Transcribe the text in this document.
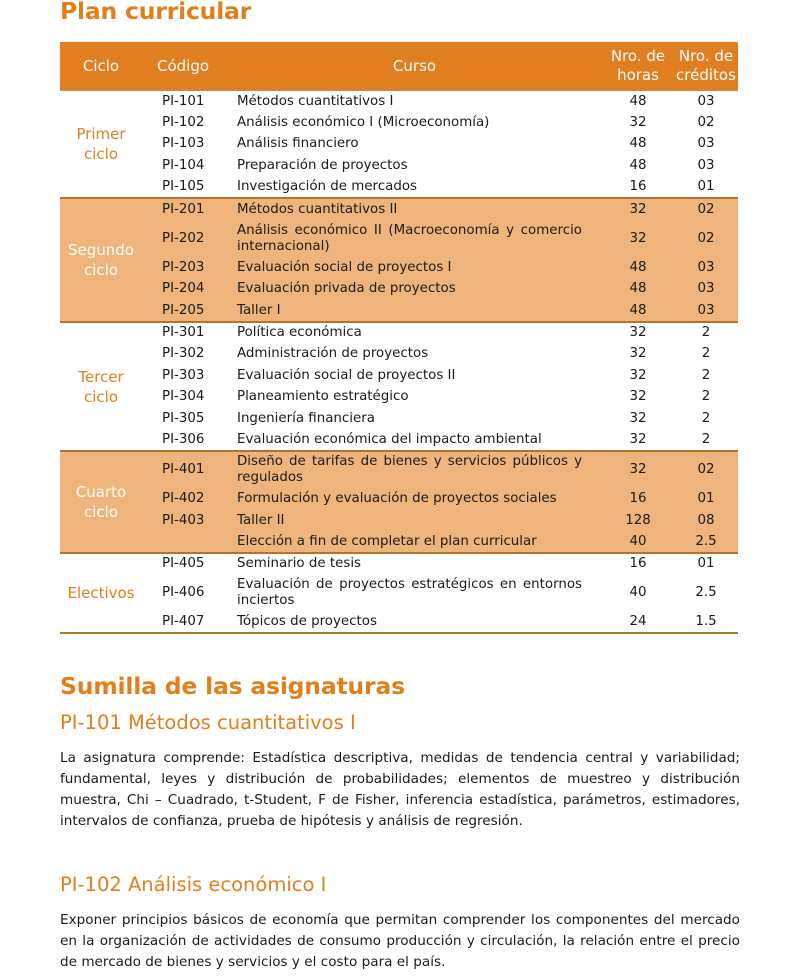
Plan curricular
Ciclo	Código	Curso	Nro. de horas	Nro. de créditos
Primer ciclo	PI-101	Métodos cuantitativos I	48	03
	PI-102	Análisis económico I (Microeconomía)	32	02
	PI-103	Análisis financiero	48	03
	PI-104	Preparación de proyectos	48	03
	PI-105	Investigación de mercados	16	01
Segundo ciclo	PI-201	Métodos cuantitativos II	32	02
	PI-202	Análisis económico II (Macroeconomía y comercio internacional)	32	02
	PI-203	Evaluación social de proyectos I	48	03
	PI-204	Evaluación privada de proyectos	48	03
	PI-205	Taller I	48	03
Tercer ciclo	PI-301	Política económica	32	2
	PI-302	Administración de proyectos	32	2
	PI-303	Evaluación social de proyectos II	32	2
	PI-304	Planeamiento estratégico	32	2
	PI-305	Ingeniería financiera	32	2
	PI-306	Evaluación económica del impacto ambiental	32	2
Cuarto ciclo	PI-401	Diseño de tarifas de bienes y servicios públicos y regulados	32	02
	PI-402	Formulación y evaluación de proyectos sociales	16	01
	PI-403	Taller II	128	08
		Elección a fin de completar el plan curricular	40	2.5
Electivos	PI-405	Seminario de tesis	16	01
	PI-406	Evaluación de proyectos estratégicos en entornos inciertos	40	2.5
	PI-407	Tópicos de proyectos	24	1.5
Sumilla de las asignaturas
PI-101 Métodos cuantitativos I

La asignatura comprende: Estadística descriptiva, medidas de tendencia central y variabilidad; fundamental, leyes y distribución de probabilidades; elementos de muestreo y distribución muestra, Chi – Cuadrado, t-Student, F de Fisher, inferencia estadística, parámetros, estimadores, intervalos de confianza, prueba de hipótesis y análisis de regresión.

PI-102 Análisis económico I

Exponer principios básicos de economía que permitan comprender los componentes del mercado en la organización de actividades de consumo producción y circulación, la relación entre el precio de mercado de bienes y servicios y el costo para el país.
